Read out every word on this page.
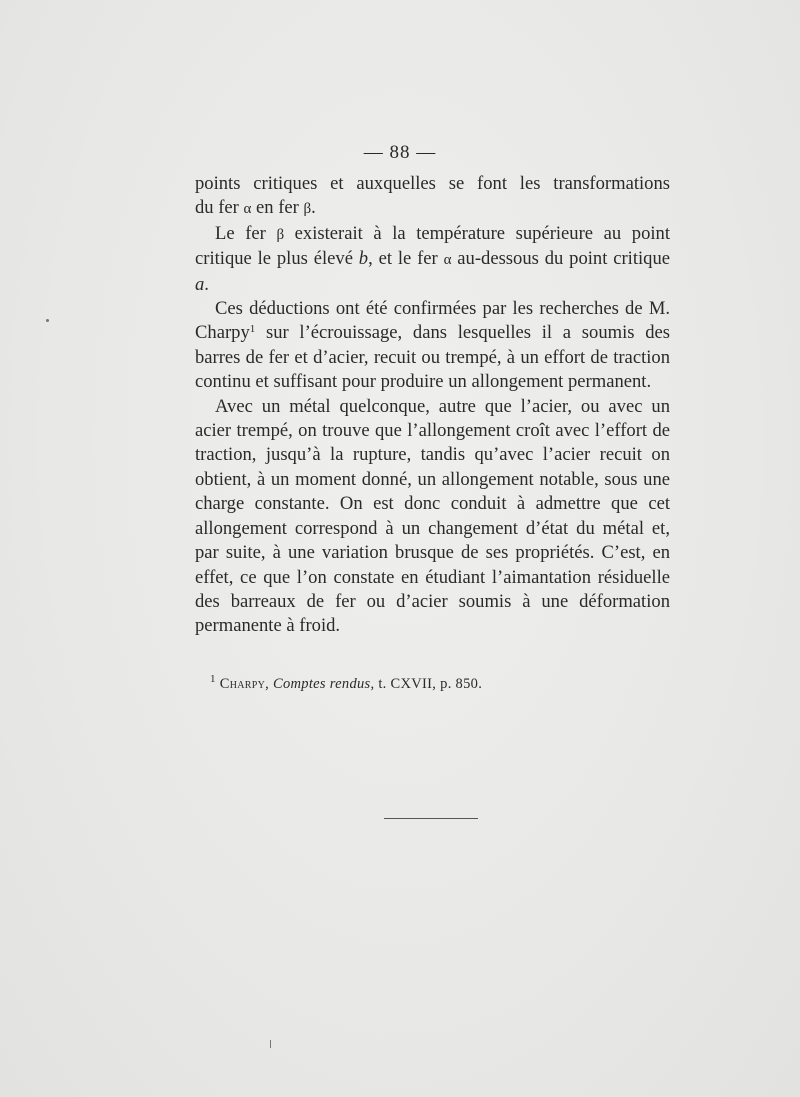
— 88 —

points critiques et auxquelles se font les transformations

du fer α en fer β.

Le fer β existerait à la température supérieure au point critique le plus élevé b, et le fer α au-dessous du point critique a.

Ces déductions ont été confirmées par les recherches de M. Charpy$^1$ sur l’écrouissage, dans lesquelles il a soumis des barres de fer et d’acier, recuit ou trempé, à un effort de traction continu et suffisant pour produire un allongement permanent.

Avec un métal quelconque, autre que l’acier, ou avec un acier trempé, on trouve que l’allongement croît avec l’effort de traction, jusqu’à la rupture, tandis qu’avec l’acier recuit on obtient, à un moment donné, un allongement notable, sous une charge constante. On est donc conduit à admettre que cet allongement correspond à un changement d’état du métal et, par suite, à une variation brusque de ses propriétés. C’est, en effet, ce que l’on constate en étudiant l’aimantation résiduelle des barreaux de fer ou d’acier soumis à une déformation permanente à froid.

$^1$ Charpy, Comptes rendus, t. CXVII, p. 850.
